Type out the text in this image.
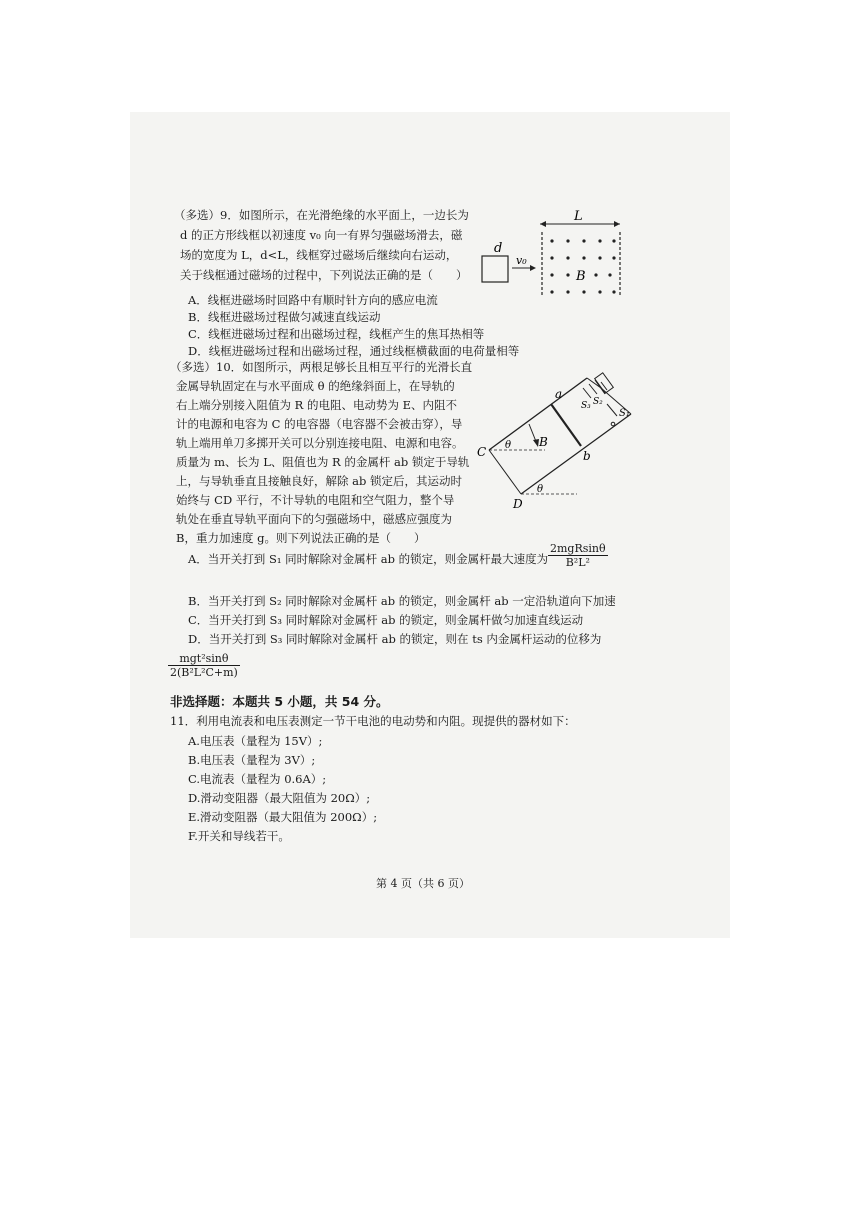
（多选）9．如图所示，在光滑绝缘的水平面上，一边长为
d 的正方形线框以初速度 v₀ 向一有界匀强磁场滑去，磁
场的宽度为 L，d<L，线框穿过磁场后继续向右运动，
关于线框通过磁场的过程中，下列说法正确的是（　　）
L
B
d
v₀
A．线框进磁场时回路中有顺时针方向的感应电流
B．线框进磁场过程做匀减速直线运动
C．线框进磁场过程和出磁场过程，线框产生的焦耳热相等
D．线框进磁场过程和出磁场过程，通过线框横截面的电荷量相等
（多选）10．如图所示，两根足够长且相互平行的光滑长直
金属导轨固定在与水平面成 θ 的绝缘斜面上，在导轨的
右上端分别接入阻值为 R 的电阻、电动势为 E、内阻不
计的电源和电容为 C 的电容器（电容器不会被击穿），导
轨上端用单刀多掷开关可以分别连接电阻、电源和电容。
质量为 m、长为 L、阻值也为 R 的金属杆 ab 锁定于导轨
上，与导轨垂直且接触良好，解除 ab 锁定后，其运动时
始终与 CD 平行，不计导轨的电阻和空气阻力，整个导
轨处在垂直导轨平面向下的匀强磁场中，磁感应强度为
B，重力加速度 g。则下列说法正确的是（　　）
θ
θ
B
a
b
C
D
S₃ S₂
S₁
A．当开关打到 S₁ 同时解除对金属杆 ab 的锁定，则金属杆最大速度为
2mgRsinθ
B²L²
B．当开关打到 S₂ 同时解除对金属杆 ab 的锁定，则金属杆 ab 一定沿轨道向下加速
C．当开关打到 S₃ 同时解除对金属杆 ab 的锁定，则金属杆做匀加速直线运动
D．当开关打到 S₃ 同时解除对金属杆 ab 的锁定，则在 ts 内金属杆运动的位移为
mgt²sinθ
2(B²L²C+m)
非选择题：本题共 5 小题，共 54 分。
11．利用电流表和电压表测定一节干电池的电动势和内阻。现提供的器材如下：
A.电压表（量程为 15V）;
B.电压表（量程为 3V）;
C.电流表（量程为 0.6A）;
D.滑动变阻器（最大阻值为 20Ω）;
E.滑动变阻器（最大阻值为 200Ω）;
F.开关和导线若干。
第 4 页（共 6 页）
